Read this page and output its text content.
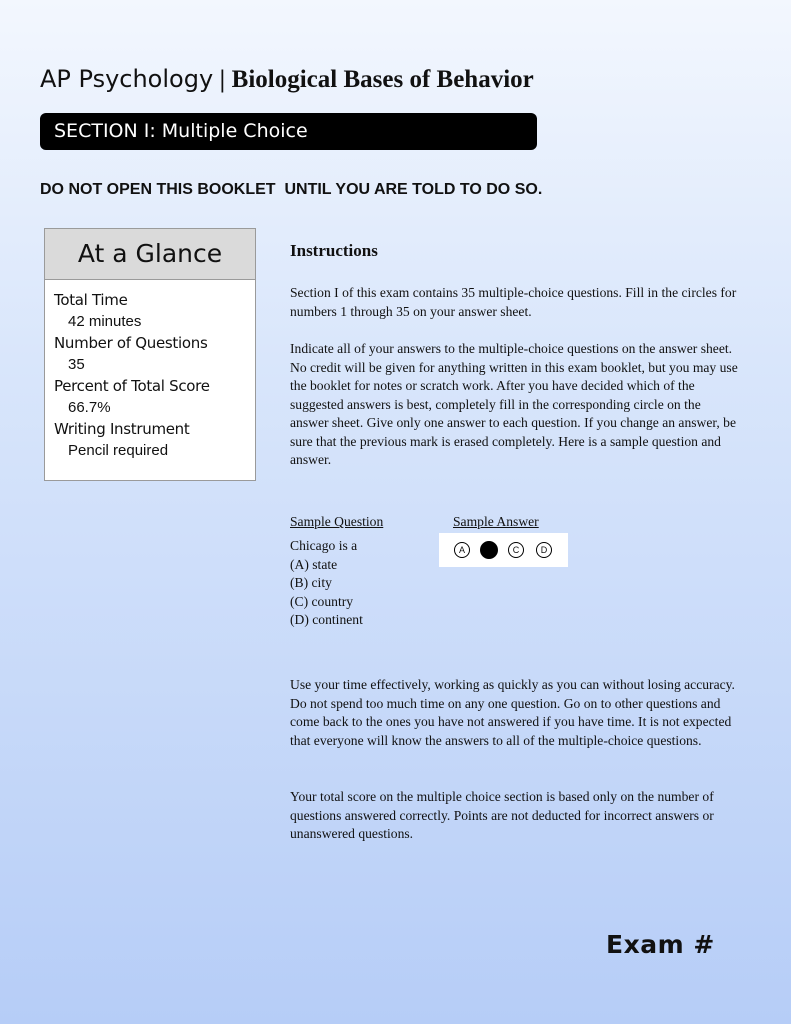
AP Psychology | Biological Bases of Behavior
SECTION I: Multiple Choice
DO NOT OPEN THIS BOOKLET  UNTIL YOU ARE TOLD TO DO SO.
At a Glance
Total Time
42 minutes
Number of Questions
35
Percent of Total Score
66.7%
Writing Instrument
Pencil required
Instructions
Section I of this exam contains 35 multiple-choice questions. Fill in the circles for numbers 1 through 35 on your answer sheet.
Indicate all of your answers to the multiple-choice questions on the answer sheet. No credit will be given for anything written in this exam booklet, but you may use the booklet for notes or scratch work. After you have decided which of the suggested answers is best, completely fill in the corresponding circle on the answer sheet. Give only one answer to each question. If you change an answer, be sure that the previous mark is erased completely. Here is a sample question and answer.
Sample Question	Sample Answer
Chicago is a
(A) state
(B) city
(C) country
(D) continent
A	B	C	D
Use your time effectively, working as quickly as you can without losing accuracy. Do not spend too much time on any one question. Go on to other questions and come back to the ones you have not answered if you have time. It is not expected that everyone will know the answers to all of the multiple-choice questions.
Your total score on the multiple choice section is based only on the number of questions answered correctly. Points are not deducted for incorrect answers or unanswered questions.
Exam #
